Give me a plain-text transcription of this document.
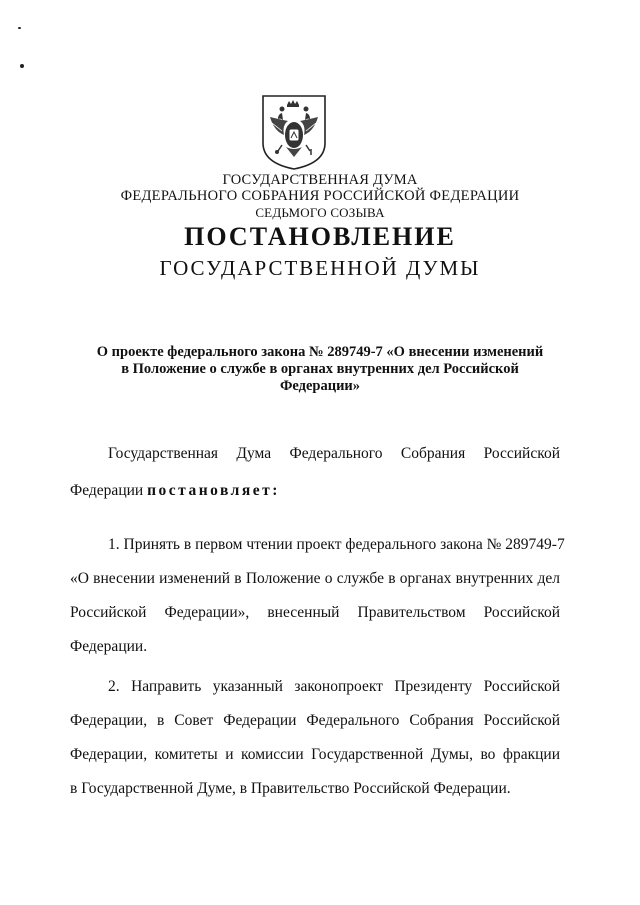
ГОСУДАРСТВЕННАЯ ДУМА
ФЕДЕРАЛЬНОГО СОБРАНИЯ РОССИЙСКОЙ ФЕДЕРАЦИИ
СЕДЬМОГО СОЗЫВА
ПОСТАНОВЛЕНИЕ
ГОСУДАРСТВЕННОЙ ДУМЫ
О проекте федерального закона № 289749-7 «О внесении изменений
в Положение о службе в органах внутренних дел Российской
Федерации»
Государственная Дума Федерального Собрания Российской
Федерации постановляет:
1. Принять в первом чтении проект федерального закона № 289749-7
«О внесении изменений в Положение о службе в органах внутренних дел
Российской Федерации», внесенный Правительством Российской
Федерации.
2. Направить указанный законопроект Президенту Российской
Федерации, в Совет Федерации Федерального Собрания Российской
Федерации, комитеты и комиссии Государственной Думы, во фракции
в Государственной Думе, в Правительство Российской Федерации.
